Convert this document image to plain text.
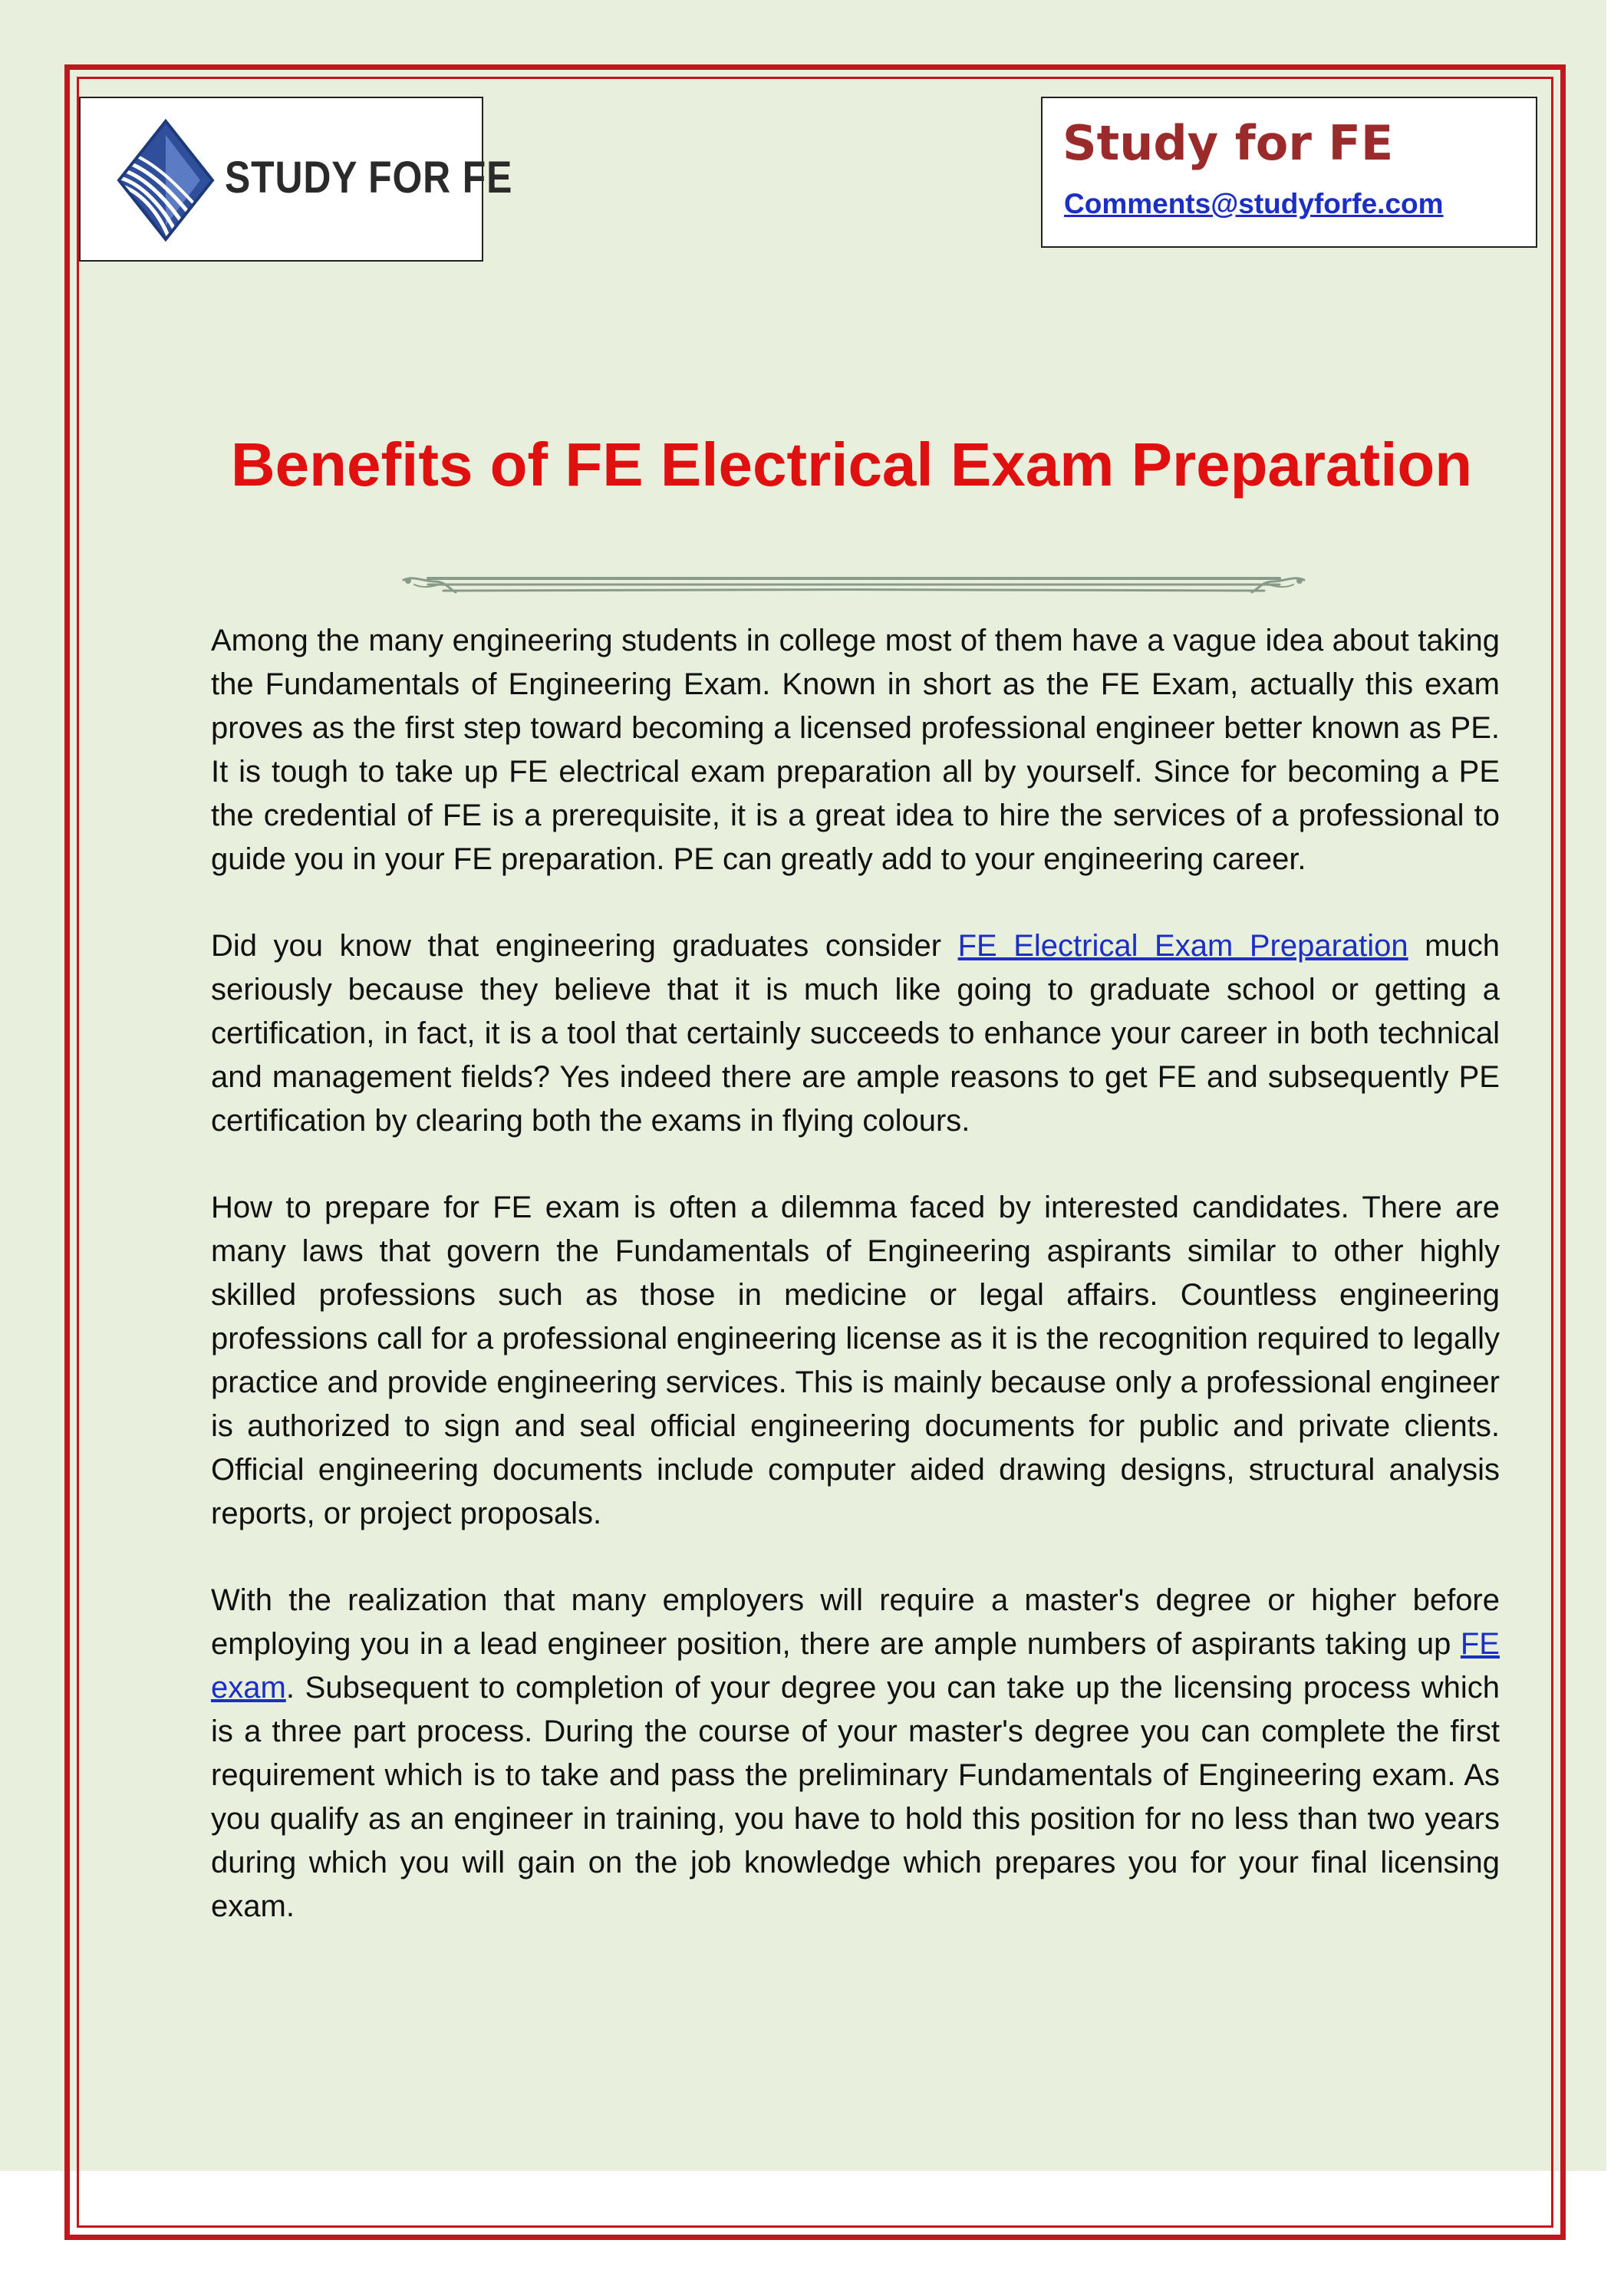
STUDY FOR FE
Study for FE
Comments@studyforfe.com
Benefits of FE Electrical Exam Preparation

Among the many engineering students in college most of them have a vague idea about taking the Fundamentals of Engineering Exam. Known in short as the FE Exam, actually this exam proves as the first step toward becoming a licensed professional engineer better known as PE. It is tough to take up FE electrical exam preparation all by yourself. Since for becoming a PE the credential of FE is a prerequisite, it is a great idea to hire the services of a professional to guide you in your FE preparation. PE can greatly add to your engineering career.

Did you know that engineering graduates consider FE Electrical Exam Preparation much seriously because they believe that it is much like going to graduate school or getting a certification, in fact, it is a tool that certainly succeeds to enhance your career in both technical and management fields? Yes indeed there are ample reasons to get FE and subsequently PE certification by clearing both the exams in flying colours.

How to prepare for FE exam is often a dilemma faced by interested candidates. There are many laws that govern the Fundamentals of Engineering aspirants similar to other highly skilled professions such as those in medicine or legal affairs. Countless engineering professions call for a professional engineering license as it is the recognition required to legally practice and provide engineering services. This is mainly because only a professional engineer is authorized to sign and seal official engineering documents for public and private clients. Official engineering documents include computer aided drawing designs, structural analysis reports, or project proposals.

With the realization that many employers will require a master's degree or higher before employing you in a lead engineer position, there are ample numbers of aspirants taking up FE exam. Subsequent to completion of your degree you can take up the licensing process which is a three part process. During the course of your master's degree you can complete the first requirement which is to take and pass the preliminary Fundamentals of Engineering exam. As you qualify as an engineer in training, you have to hold this position for no less than two years during which you will gain on the job knowledge which prepares you for your final licensing exam.
